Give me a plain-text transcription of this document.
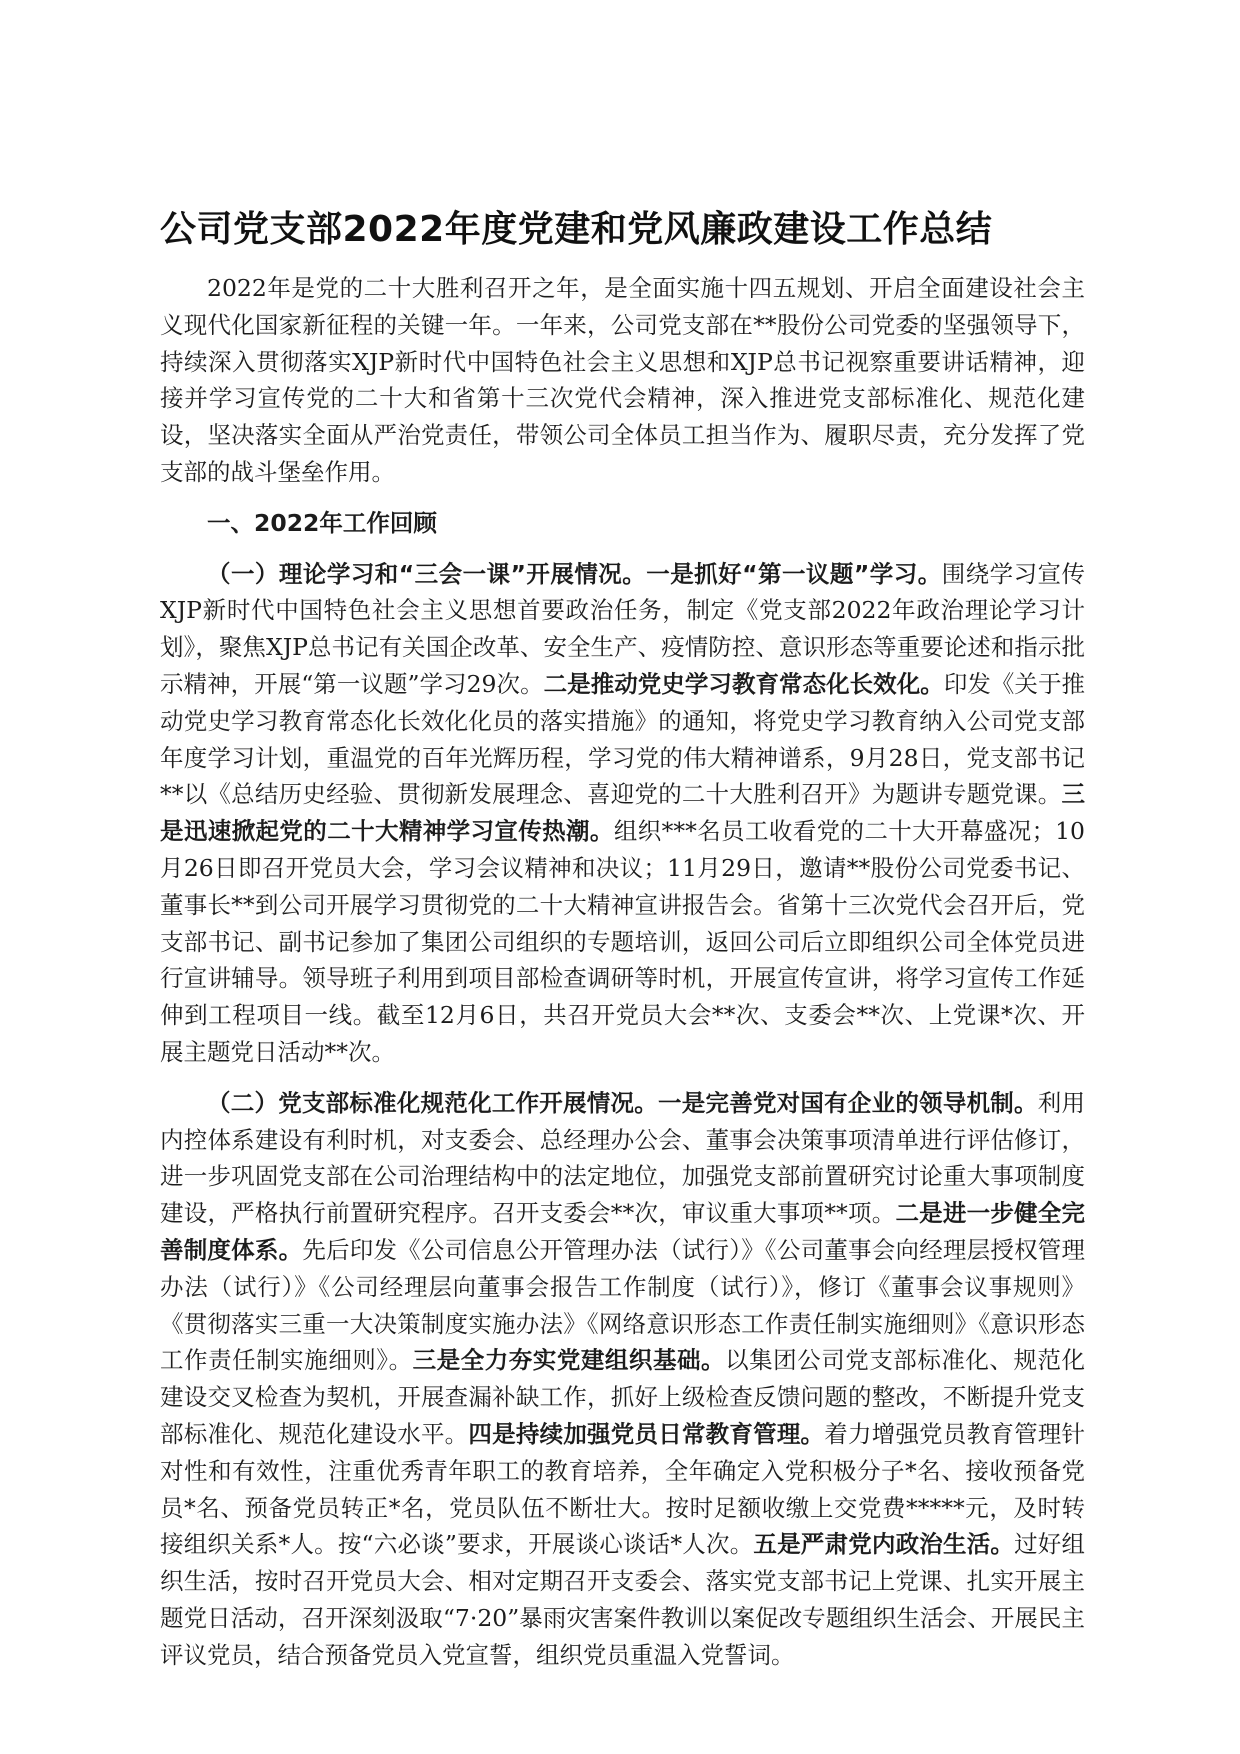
公司党支部2022年度党建和党风廉政建设工作总结

2022年是党的二十大胜利召开之年，是全面实施十四五规划、开启全面建设社会主义现代化国家新征程的关键一年。一年来，公司党支部在**股份公司党委的坚强领导下，持续深入贯彻落实XJP新时代中国特色社会主义思想和XJP总书记视察重要讲话精神，迎接并学习宣传党的二十大和省第十三次党代会精神，深入推进党支部标准化、规范化建设，坚决落实全面从严治党责任，带领公司全体员工担当作为、履职尽责，充分发挥了党支部的战斗堡垒作用。

一、2022年工作回顾

（一）理论学习和“三会一课”开展情况。一是抓好“第一议题”学习。围绕学习宣传XJP新时代中国特色社会主义思想首要政治任务，制定《党支部2022年政治理论学习计划》，聚焦XJP总书记有关国企改革、安全生产、疫情防控、意识形态等重要论述和指示批示精神，开展“第一议题”学习29次。二是推动党史学习教育常态化长效化。印发《关于推动党史学习教育常态化长效化化员的落实措施》的通知，将党史学习教育纳入公司党支部年度学习计划，重温党的百年光辉历程，学习党的伟大精神谱系，9月28日，党支部书记**以《总结历史经验、贯彻新发展理念、喜迎党的二十大胜利召开》为题讲专题党课。三是迅速掀起党的二十大精神学习宣传热潮。组织***名员工收看党的二十大开幕盛况；10月26日即召开党员大会，学习会议精神和决议；11月29日，邀请**股份公司党委书记、董事长**到公司开展学习贯彻党的二十大精神宣讲报告会。省第十三次党代会召开后，党支部书记、副书记参加了集团公司组织的专题培训，返回公司后立即组织公司全体党员进行宣讲辅导。领导班子利用到项目部检查调研等时机，开展宣传宣讲，将学习宣传工作延伸到工程项目一线。截至12月6日，共召开党员大会**次、支委会**次、上党课*次、开展主题党日活动**次。

（二）党支部标准化规范化工作开展情况。一是完善党对国有企业的领导机制。利用内控体系建设有利时机，对支委会、总经理办公会、董事会决策事项清单进行评估修订，进一步巩固党支部在公司治理结构中的法定地位，加强党支部前置研究讨论重大事项制度建设，严格执行前置研究程序。召开支委会**次，审议重大事项**项。二是进一步健全完善制度体系。先后印发《公司信息公开管理办法（试行）》《公司董事会向经理层授权管理办法（试行）》《公司经理层向董事会报告工作制度（试行）》，修订《董事会议事规则》《贯彻落实三重一大决策制度实施办法》《网络意识形态工作责任制实施细则》《意识形态工作责任制实施细则》。三是全力夯实党建组织基础。以集团公司党支部标准化、规范化建设交叉检查为契机，开展查漏补缺工作，抓好上级检查反馈问题的整改，不断提升党支部标准化、规范化建设水平。四是持续加强党员日常教育管理。着力增强党员教育管理针对性和有效性，注重优秀青年职工的教育培养，全年确定入党积极分子*名、接收预备党员*名、预备党员转正*名，党员队伍不断壮大。按时足额收缴上交党费*****元，及时转接组织关系*人。按“六必谈”要求，开展谈心谈话*人次。五是严肃党内政治生活。过好组织生活，按时召开党员大会、相对定期召开支委会、落实党支部书记上党课、扎实开展主题党日活动，召开深刻汲取“7·20”暴雨灾害案件教训以案促改专题组织生活会、开展民主评议党员，结合预备党员入党宣誓，组织党员重温入党誓词。
